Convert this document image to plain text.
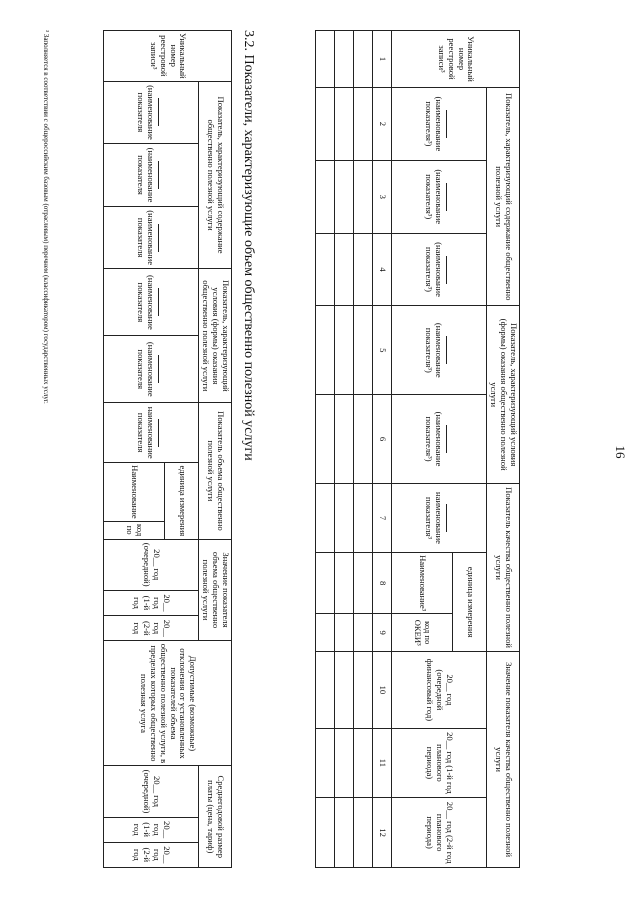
16
Уникальный номер реестровой записи³	Показатель, характеризующий содержание общественно полезной услуги			Показатель, характеризующий условия (формы) оказания общественно полезной услуги		Показатель качества общественно полезной услуги			Значение показателя качества общественно полезной услуги		

(наименование показателя³)	(наименование показателя³)	(наименование показателя³)	(наименование показателя³)	(наименование показателя³)	наименование показателя³	единица измерения		20__ год (очередной финансовый год)	20__ год (1-й год планового периода)	20__ год (2-й год планового периода)
							Наименование³	код по ОКЕИ³			
1	2	3	4	5	6	7	8	9	10	11	12

3.2. Показатели, характеризующие объем общественно полезной услуги
Уникальный номер реестровой записи³	Показатель, характеризующий содержание общественно полезной услуги			Показатель, характеризующий условия (формы) оказания общественно полезной услуги		Показатель объема общественно полезной услуги			Значение показателя объема общественно полезной услуги			Допустимые (возможные) отклонения от установленных показателей объема общественно полезной услуги, в пределах которых общественно полезная услуга	Среднегодовой размер платы (цена, тариф)		

(наименование показателя	(наименование показателя	(наименование показателя	(наименование показателя	(наименование показателя	наименование показателя	единица измерения		20__ год (очередной)	20__ год (1-й год	20__ год (2-й год		20__ год (очередной)	20__ год (1-й год	20__ год (2-й год
							Наименование	код по							
³ Заполняется в соответствии с общероссийским базовым (отраслевым) перечнем (классификатором) государственных услуг.
